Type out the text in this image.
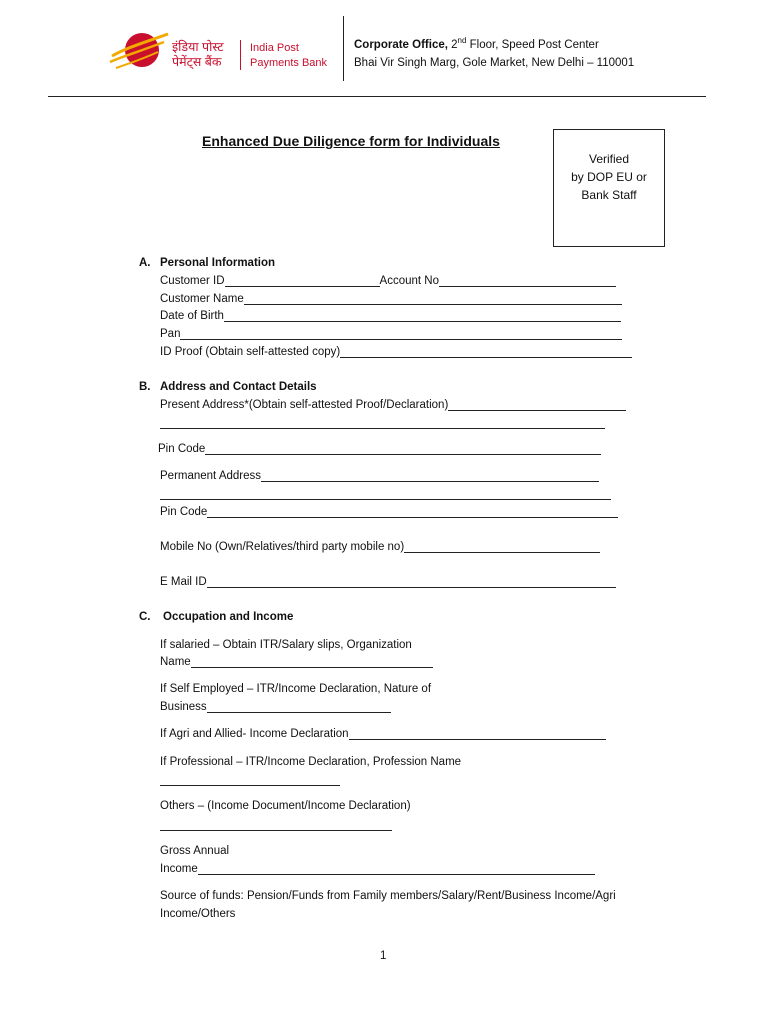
इंडिया पोस्ट
पेमेंट्स बैंक
India Post
Payments Bank
Corporate Office, 2nd Floor, Speed Post Center
Bhai Vir Singh Marg, Gole Market, New Delhi – 110001
Enhanced Due Diligence form for Individuals
Verified
by DOP EU or
Bank Staff
A. Personal Information
Customer ID	Account No
Customer Name
Date of Birth
Pan
ID Proof (Obtain self-attested copy)
B. Address and Contact Details
Present Address*(Obtain self-attested Proof/Declaration)
Pin Code
Permanent Address
Pin Code
Mobile No (Own/Relatives/third party mobile no)
E Mail ID
C. Occupation and Income
If salaried – Obtain ITR/Salary slips, Organization
Name
If Self Employed – ITR/Income Declaration, Nature of
Business
If Agri and Allied- Income Declaration
If Professional – ITR/Income Declaration, Profession Name
Others – (Income Document/Income Declaration)
Gross Annual
Income
Source of funds: Pension/Funds from Family members/Salary/Rent/Business Income/Agri
Income/Others
1
